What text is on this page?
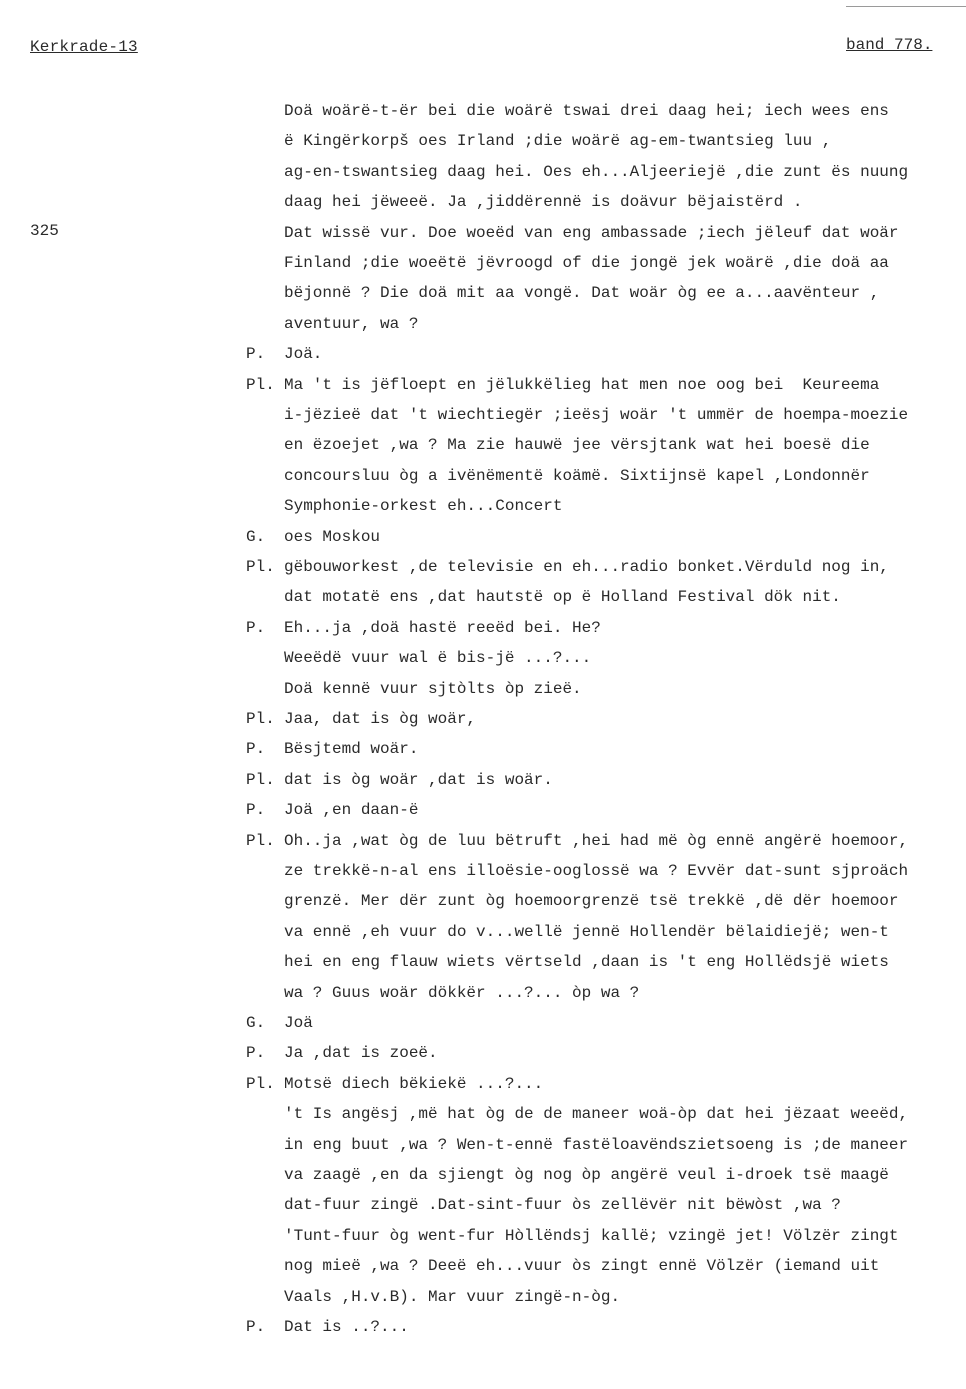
Kerkrade-13	band 778.
325
Doä woärë-t-ër bei die woärë tswai drei daag hei; iech wees ens
ë Kingërkorpš oes Irland ;die woärë ag-em-twantsieg luu ,
ag-en-tswantsieg daag hei. Oes eh...Aljeeriejë ,die zunt ës nuung
daag hei jëweeë. Ja ,jiddërennë is doävur bëjaistërd .
Dat wissë vur. Doe woeëd van eng ambassade ;iech jëleuf dat woär
Finland ;die woeëtë jëvroogd of die jongë jek woärë ,die doä aa
bëjonnë ? Die doä mit aa vongë. Dat woär òg ee a...aavënteur ,
aventuur, wa ?
P.	Joä.
Pl. Ma 't is jëfloept en jëlukkëlieg hat men noe oog bei  Keureema
i-jëzieë dat 't wiechtiegër ;ieësj woär 't ummër de hoempa-moezie
en ëzoejet ,wa ? Ma zie hauwë jee vërsjtank wat hei boesë die
concoursluu òg a ivënëmentë koämë. Sixtijnsë kapel ,Londonnër
Symphonie-orkest eh...Concert
G.	oes Moskou
Pl. gëbouworkest ,de televisie en eh...radio bonket.Vërduld nog in,
dat motatë ens ,dat hautstë op ë Holland Festival dök nit.
P.	Eh...ja ,doä hastë reeëd bei. He?
Weeëdë vuur wal ë bis-jë ...?...
Doä kennë vuur sjtòlts òp zieë.
Pl. Jaa, dat is òg woär,
P.	Bësjtemd woär.
Pl. dat is òg woär ,dat is woär.
P.	Joä ,en daan-ë
Pl. Oh..ja ,wat òg de luu bëtruft ,hei had më òg ennë angërë hoemoor,
ze trekkë-n-al ens illoësie-ooglossë wa ? Evvër dat-sunt sjproäch
grenzë. Mer dër zunt òg hoemoorgrenzë tsë trekkë ,dë dër hoemoor
va ennë ,eh vuur do v...wellë jennë Hollendër bëlaidiejë; wen-t
hei en eng flauw wiets vërtseld ,daan is 't eng Hollëdsjë wiets
wa ? Guus woär dökkër ...?... òp wa ?
G.	Joä
P.	Ja ,dat is zoeë.
Pl. Motsë diech bëkiekë ...?...
't Is angësj ,më hat òg de de maneer woä-òp dat hei jëzaat weeëd,
in eng buut ,wa ? Wen-t-ennë fastëloavëndszietsoeng is ;de maneer
va zaagë ,en da sjiengt òg nog òp angërë veul i-droek tsë maagë
dat-fuur zingë .Dat-sint-fuur òs zellëvër nit bëwòst ,wa ?
'Tunt-fuur òg went-fur Hòllëndsj kallë; vzingë jet! Völzër zingt
nog mieë ,wa ? Deeë eh...vuur òs zingt ennë Völzër (iemand uit
Vaals ,H.v.B). Mar vuur zingë-n-òg.
P.	Dat is ..?...
